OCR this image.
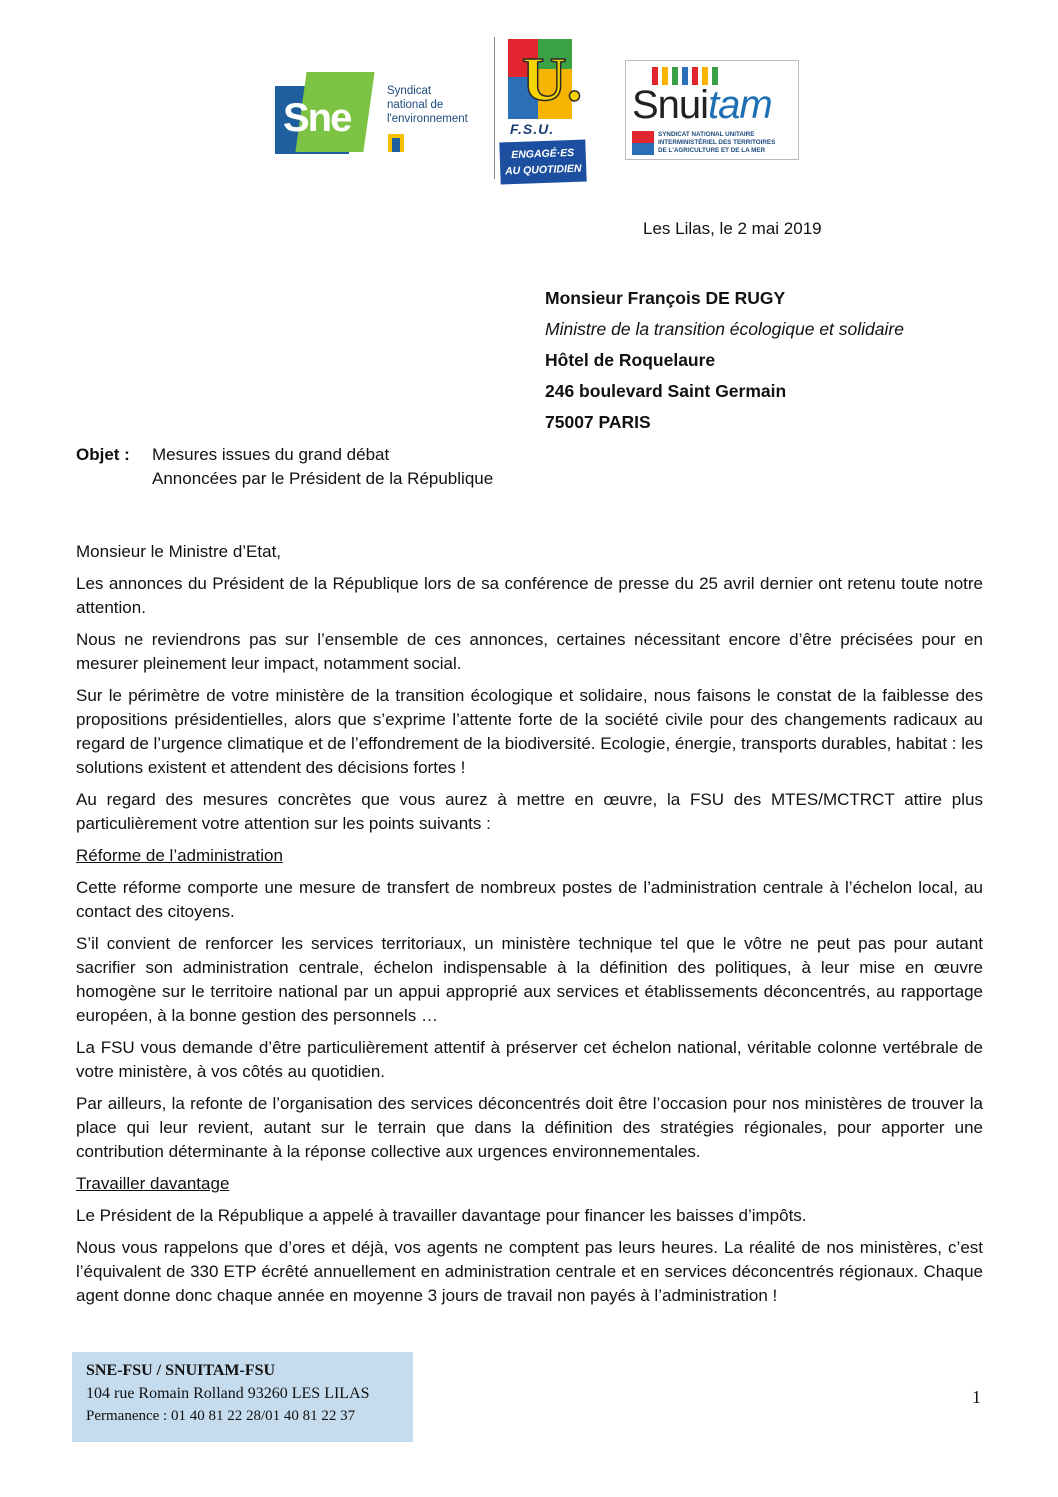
Sne
Syndicat
national de
l'environnement
U.
F.S.U.
ENGAGÉ·ES
AU QUOTIDIEN
Snuitam
SYNDICAT NATIONAL UNITAIRE
INTERMINISTÉRIEL DES TERRITOIRES
DE L'AGRICULTURE ET DE LA MER
Les Lilas, le 2 mai 2019
Monsieur François DE RUGY
Ministre de la transition écologique et solidaire
Hôtel de Roquelaure
246 boulevard Saint Germain
75007 PARIS
Objet : Mesures issues du grand débat
Annoncées par le Président de la République

Monsieur le Ministre d’Etat,

Les annonces du Président de la République lors de sa conférence de presse du 25 avril dernier ont retenu toute notre attention.

Nous ne reviendrons pas sur l’ensemble de ces annonces, certaines nécessitant encore d’être précisées pour en mesurer pleinement leur impact, notamment social.

Sur le périmètre de votre ministère de la transition écologique et solidaire, nous faisons le constat de la faiblesse des propositions présidentielles, alors que s’exprime l’attente forte de la société civile pour des changements radicaux au regard de l’urgence climatique et de l’effondrement de la biodiversité. Ecologie, énergie, transports durables, habitat : les solutions existent et attendent des décisions fortes !

Au regard des mesures concrètes que vous aurez à mettre en œuvre, la FSU des MTES/MCTRCT attire plus particulièrement votre attention sur les points suivants :

Réforme de l’administration

Cette réforme comporte une mesure de transfert de nombreux postes de l’administration centrale à l’échelon local, au contact des citoyens.

S’il convient de renforcer les services territoriaux, un ministère technique tel que le vôtre ne peut pas pour autant sacrifier son administration centrale, échelon indispensable à la définition des politiques, à leur mise en œuvre homogène sur le territoire national par un appui approprié aux services et établissements déconcentrés, au rapportage européen, à la bonne gestion des personnels …

La FSU vous demande d’être particulièrement attentif à préserver cet échelon national, véritable colonne vertébrale de votre ministère, à vos côtés au quotidien.

Par ailleurs, la refonte de l’organisation des services déconcentrés doit être l’occasion pour nos ministères de trouver la place qui leur revient, autant sur le terrain que dans la définition des stratégies régionales, pour apporter une contribution déterminante à la réponse collective aux urgences environnementales.

Travailler davantage

Le Président de la République a appelé à travailler davantage pour financer les baisses d’impôts.

Nous vous rappelons que d’ores et déjà, vos agents ne comptent pas leurs heures. La réalité de nos ministères, c’est l’équivalent de 330 ETP écrêté annuellement en administration centrale et en services déconcentrés régionaux. Chaque agent donne donc chaque année en moyenne 3 jours de travail non payés à l’administration !

SNE-FSU / SNUITAM-FSU
104 rue Romain Rolland 93260 LES LILAS
Permanence : 01 40 81 22 28/01 40 81 22 37
1
